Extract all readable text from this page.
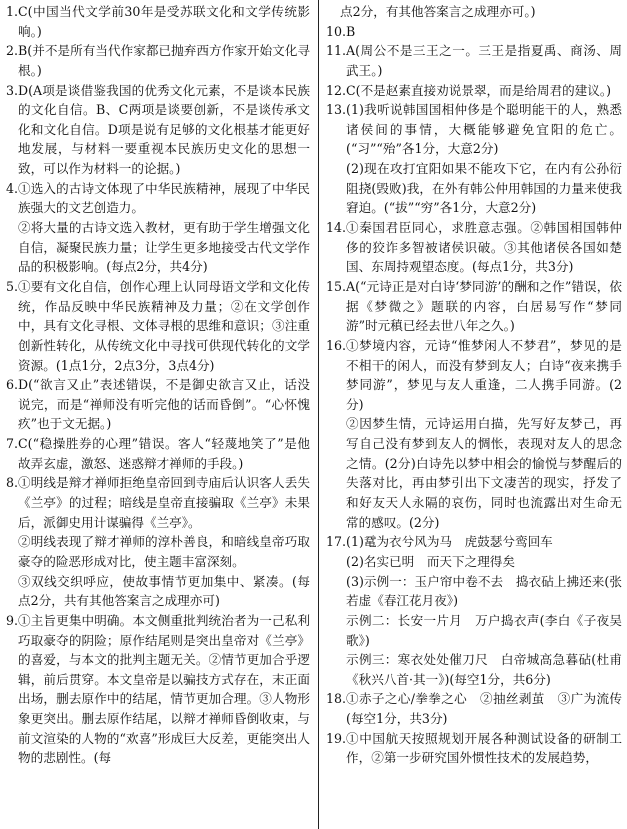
1. C(中国当代文学前30年是受苏联文化和文学传统影响。)

2. B(并不是所有当代作家都已抛弃西方作家开始文化寻根。)

3. D(A项是谈借鉴我国的优秀文化元素，不是谈本民族的文化自信。B、C两项是谈要创新，不是谈传承文化和文化自信。D项是说有足够的文化根基才能更好地发展，与材料一要重视本民族历史文化的思想一致，可以作为材料一的论据。)

4. ①选入的古诗文体现了中华民族精神，展现了中华民族强大的文艺创造力。

②将大量的古诗文选入教材，更有助于学生增强文化自信，凝聚民族力量；让学生更多地接受古代文学作品的积极影响。(每点2分，共4分)

5. ①要有文化自信，创作心理上认同母语文学和文化传统，作品反映中华民族精神及力量；②在文学创作中，具有文化寻根、文体寻根的思维和意识；③注重创新性转化，从传统文化中寻找可供现代转化的文学资源。(1点1分，2点3分，3点4分)

6. D(“欲言又止”表述错误，不是御史欲言又止，话没说完，而是“禅师没有听完他的话而昏倒”。“心怀愧疚”也于文无据。)

7. C(“稳操胜券的心理”错误。客人“轻蔑地笑了”是他故弄玄虚，激怒、迷惑辩才禅师的手段。)

8. ①明线是辩才禅师拒绝皇帝回到寺庙后认识客人丢失《兰亭》的过程；暗线是皇帝直接骗取《兰亭》未果后，派御史用计谋骗得《兰亭》。

②明线表现了辩才禅师的淳朴善良，和暗线皇帝巧取豪夺的险恶形成对比，使主题丰富深刻。

③双线交织呼应，使故事情节更加集中、紧凑。(每点2分，共有其他答案言之成理亦可)

9. ①主旨更集中明确。本文侧重批判统治者为一己私利巧取豪夺的阴险；原作结尾则是突出皇帝对《兰亭》的喜爱，与本文的批判主题无关。②情节更加合乎逻辑，前后贯穿。本文皇帝是以骗技方式存在，末正面出场，删去原作中的结尾，情节更加合理。③人物形象更突出。删去原作结尾，以辩才禅师昏倒收束，与前文渲染的人物的“欢喜”形成巨大反差，更能突出人物的悲剧性。(每

点2分，有其他答案言之成理亦可。)

10. B

11. A(周公不是三王之一。三王是指夏禹、商汤、周武王。)

12. C(不是赵素直接劝说景翠，而是给周君的建议。)

13. (1)我听说韩国国相仲侈是个聪明能干的人，熟悉诸侯间的事情，大概能够避免宜阳的危亡。(“习”“殆”各1分，大意2分)

(2)现在攻打宜阳如果不能攻下它，在内有公孙衍阻挠(毁败)我，在外有韩公仲用韩国的力量来使我窘迫。(“拔”“穷”各1分，大意2分)

14. ①秦国君臣同心，求胜意志强。②韩国相国韩仲侈的狡诈多智被诸侯识破。③其他诸侯各国如楚国、东周持观望态度。(每点1分，共3分)

15. A(“元诗正是对白诗‘梦同游’的酬和之作”错误，依据《梦微之》题联的内容，白居易写作“梦同游”时元稹已经去世八年之久。)

16. ①梦境内容，元诗“惟梦闲人不梦君”，梦见的是不相干的闲人，而没有梦到友人；白诗“夜来携手梦同游”，梦见与友人重逢，二人携手同游。(2分)

②因梦生情，元诗运用白描，先写好友梦己，再写自己没有梦到友人的惆怅，表现对友人的思念之情。(2分)白诗先以梦中相会的愉悦与梦醒后的失落对比，再由梦引出下文凄苦的现实，抒发了和好友天人永隔的哀伤，同时也流露出对生命无常的感叹。(2分)

17. (1)鼋为衣兮风为马　虎鼓瑟兮鸾回车

(2)名实已明　而天下之理得矣

(3)示例一：玉户帘中卷不去　捣衣砧上拂还来(张若虚《春江花月夜》)

示例二：长安一片月　万户捣衣声(李白《子夜吴歌》)

示例三：寒衣处处催刀尺　白帝城高急暮砧(杜甫《秋兴八首·其一》)(每空1分，共6分)

18. ①赤子之心/拳拳之心　②抽丝剥茧　③广为流传(每空1分，共3分)

19. ①中国航天按照规划开展各种测试设备的研制工作，②第一步研究国外惯性技术的发展趋势，
